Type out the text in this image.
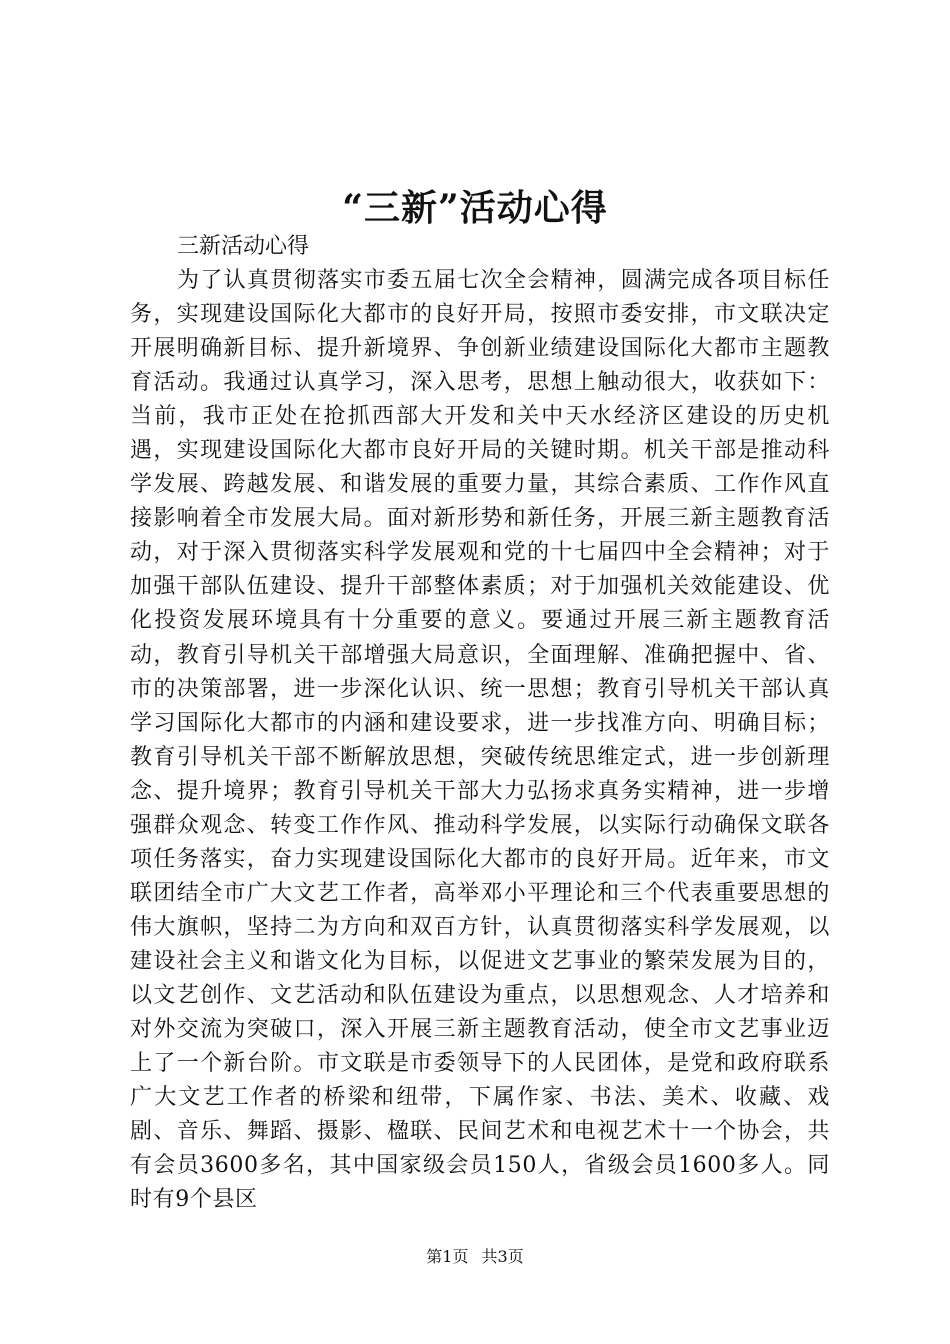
“三新”活动心得

三新活动心得

为了认真贯彻落实市委五届七次全会精神，圆满完成各项目标任务，实现建设国际化大都市的良好开局，按照市委安排，市文联决定开展明确新目标、提升新境界、争创新业绩建设国际化大都市主题教育活动。我通过认真学习，深入思考，思想上触动很大，收获如下：当前，我市正处在抢抓西部大开发和关中天水经济区建设的历史机遇，实现建设国际化大都市良好开局的关键时期。机关干部是推动科学发展、跨越发展、和谐发展的重要力量，其综合素质、工作作风直接影响着全市发展大局。面对新形势和新任务，开展三新主题教育活动，对于深入贯彻落实科学发展观和党的十七届四中全会精神；对于加强干部队伍建设、提升干部整体素质；对于加强机关效能建设、优化投资发展环境具有十分重要的意义。要通过开展三新主题教育活动，教育引导机关干部增强大局意识，全面理解、准确把握中、省、市的决策部署，进一步深化认识、统一思想；教育引导机关干部认真学习国际化大都市的内涵和建设要求，进一步找准方向、明确目标；教育引导机关干部不断解放思想，突破传统思维定式，进一步创新理念、提升境界；教育引导机关干部大力弘扬求真务实精神，进一步增强群众观念、转变工作作风、推动科学发展，以实际行动确保文联各项任务落实，奋力实现建设国际化大都市的良好开局。近年来，市文联团结全市广大文艺工作者，高举邓小平理论和三个代表重要思想的伟大旗帜，坚持二为方向和双百方针，认真贯彻落实科学发展观，以建设社会主义和谐文化为目标，以促进文艺事业的繁荣发展为目的，以文艺创作、文艺活动和队伍建设为重点，以思想观念、人才培养和对外交流为突破口，深入开展三新主题教育活动，使全市文艺事业迈上了一个新台阶。市文联是市委领导下的人民团体，是党和政府联系广大文艺工作者的桥梁和纽带，下属作家、书法、美术、收藏、戏剧、音乐、舞蹈、摄影、楹联、民间艺术和电视艺术十一个协会，共有会员3600多名，其中国家级会员150人，省级会员1600多人。同时有9个县区

第1页 共3页
